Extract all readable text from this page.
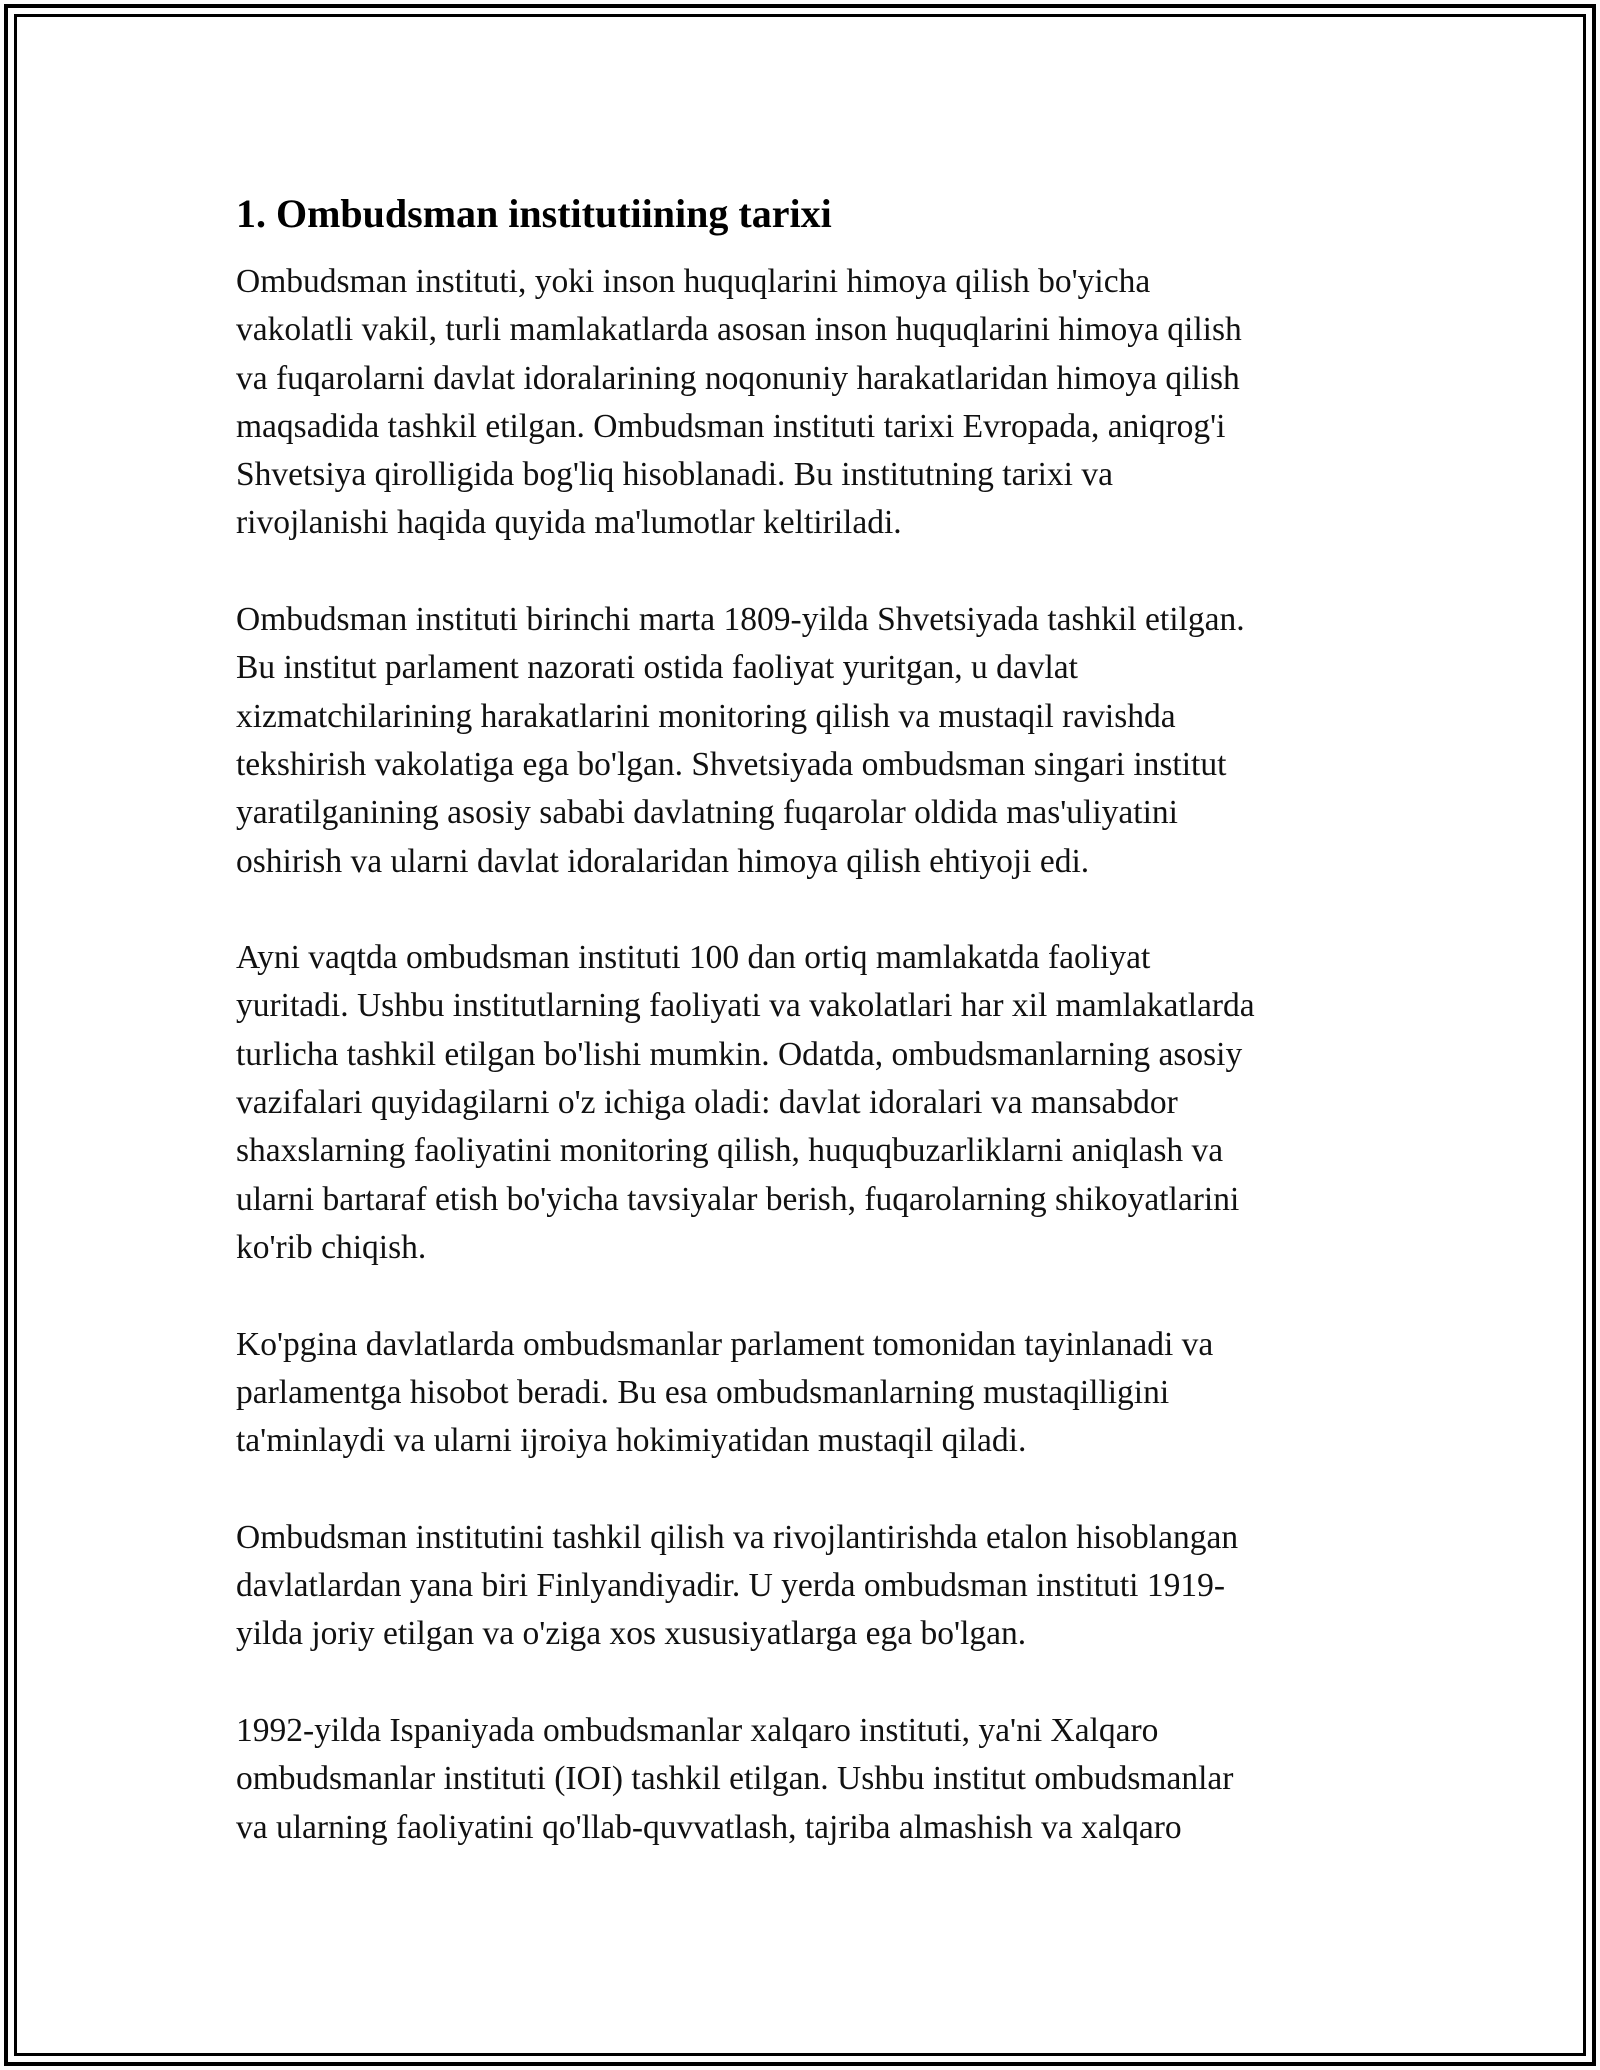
1. Ombudsman institutiining tarixi

Ombudsman instituti, yoki inson huquqlarini himoya qilish bo'yicha
vakolatli vakil, turli mamlakatlarda asosan inson huquqlarini himoya qilish
va fuqarolarni davlat idoralarining noqonuniy harakatlaridan himoya qilish
maqsadida tashkil etilgan. Ombudsman instituti tarixi Evropada, aniqrog'i
Shvetsiya qirolligida bog'liq hisoblanadi. Bu institutning tarixi va
rivojlanishi haqida quyida ma'lumotlar keltiriladi.

Ombudsman instituti birinchi marta 1809-yilda Shvetsiyada tashkil etilgan.
Bu institut parlament nazorati ostida faoliyat yuritgan, u davlat
xizmatchilarining harakatlarini monitoring qilish va mustaqil ravishda
tekshirish vakolatiga ega bo'lgan. Shvetsiyada ombudsman singari institut
yaratilganining asosiy sababi davlatning fuqarolar oldida mas'uliyatini
oshirish va ularni davlat idoralaridan himoya qilish ehtiyoji edi.

Ayni vaqtda ombudsman instituti 100 dan ortiq mamlakatda faoliyat
yuritadi. Ushbu institutlarning faoliyati va vakolatlari har xil mamlakatlarda
turlicha tashkil etilgan bo'lishi mumkin. Odatda, ombudsmanlarning asosiy
vazifalari quyidagilarni o'z ichiga oladi: davlat idoralari va mansabdor
shaxslarning faoliyatini monitoring qilish, huquqbuzarliklarni aniqlash va
ularni bartaraf etish bo'yicha tavsiyalar berish, fuqarolarning shikoyatlarini
ko'rib chiqish.

Ko'pgina davlatlarda ombudsmanlar parlament tomonidan tayinlanadi va
parlamentga hisobot beradi. Bu esa ombudsmanlarning mustaqilligini
ta'minlaydi va ularni ijroiya hokimiyatidan mustaqil qiladi.

Ombudsman institutini tashkil qilish va rivojlantirishda etalon hisoblangan
davlatlardan yana biri Finlyandiyadir. U yerda ombudsman instituti 1919-
yilda joriy etilgan va o'ziga xos xususiyatlarga ega bo'lgan.

1992-yilda Ispaniyada ombudsmanlar xalqaro instituti, ya'ni Xalqaro
ombudsmanlar instituti (IOI) tashkil etilgan. Ushbu institut ombudsmanlar
va ularning faoliyatini qo'llab-quvvatlash, tajriba almashish va xalqaro
